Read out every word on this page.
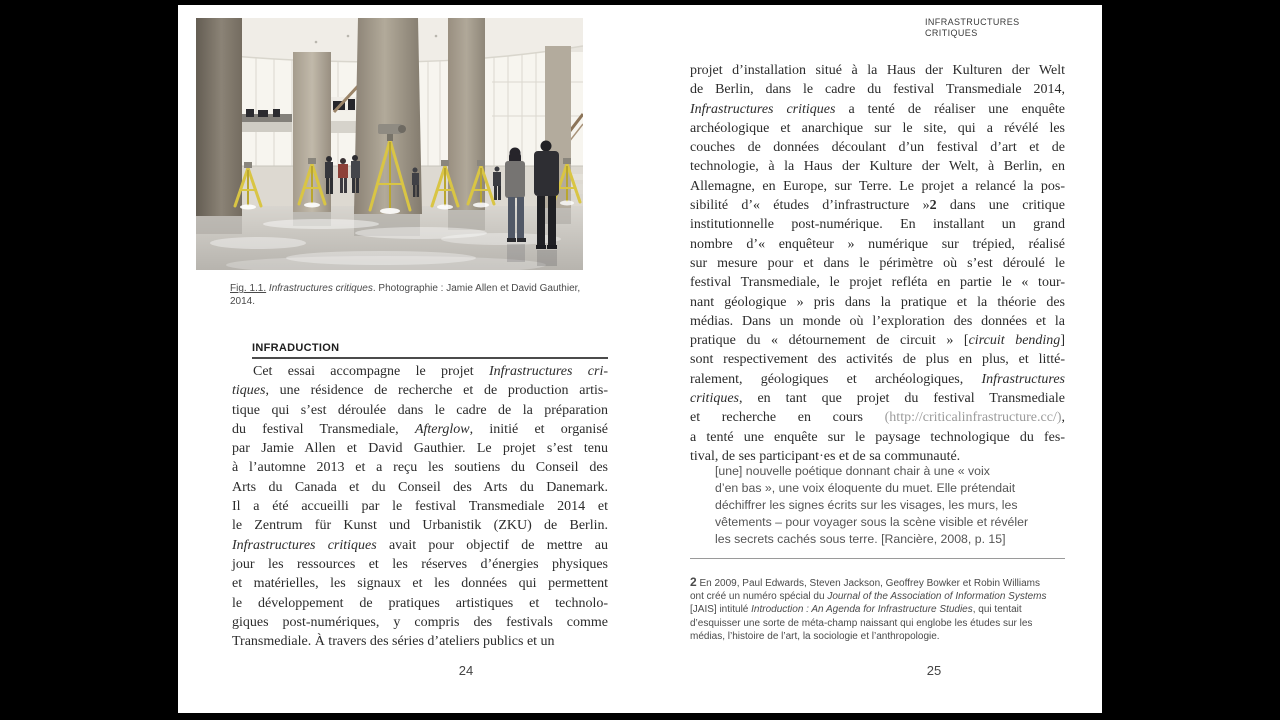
Fig. 1.1. Infrastructures critiques. Photographie : Jamie Allen et David Gauthier,
2014.
INFRADUCTION
Cet essai accompagne le projet Infrastructures cri-
tiques, une résidence de recherche et de production artis-
tique qui s’est déroulée dans le cadre de la préparation
du festival Transmediale, Afterglow, initié et organisé
par Jamie Allen et David Gauthier. Le projet s’est tenu
à l’automne 2013 et a reçu les soutiens du Conseil des
Arts du Canada et du Conseil des Arts du Danemark.
Il a été accueilli par le festival Transmediale 2014 et
le Zentrum für Kunst und Urbanistik (ZKU) de Berlin.
Infrastructures critiques avait pour objectif de mettre au
jour les ressources et les réserves d’énergies physiques
et matérielles, les signaux et les données qui permettent
le développement de pratiques artistiques et technolo-
giques post-numériques, y compris des festivals comme
Transmediale. À travers des séries d’ateliers publics et un
INFRASTRUCTURES
CRITIQUES
projet d’installation situé à la Haus der Kulturen der Welt
de Berlin, dans le cadre du festival Transmediale 2014,
Infrastructures critiques a tenté de réaliser une enquête
archéologique et anarchique sur le site, qui a révélé les
couches de données découlant d’un festival d’art et de
technologie, à la Haus der Kulture der Welt, à Berlin, en
Allemagne, en Europe, sur Terre. Le projet a relancé la pos-
sibilité d’« études d’infrastructure »2 dans une critique
institutionnelle post-numérique. En installant un grand
nombre d’« enquêteur » numérique sur trépied, réalisé
sur mesure pour et dans le périmètre où s’est déroulé le
festival Transmediale, le projet refléta en partie le « tour-
nant géologique » pris dans la pratique et la théorie des
médias. Dans un monde où l’exploration des données et la
pratique du « détournement de circuit » [circuit bending]
sont respectivement des activités de plus en plus, et litté-
ralement, géologiques et archéologiques, Infrastructures
critiques, en tant que projet du festival Transmediale
et recherche en cours (http://criticalinfrastructure.cc/),
a tenté une enquête sur le paysage technologique du fes-
tival, de ses participant·es et de sa communauté.
[une] nouvelle poétique donnant chair à une « voix
d’en bas », une voix éloquente du muet. Elle prétendait
déchiffrer les signes écrits sur les visages, les murs, les
vêtements – pour voyager sous la scène visible et révéler
les secrets cachés sous terre. [Rancière, 2008, p. 15]
2 En 2009, Paul Edwards, Steven Jackson, Geoffrey Bowker et Robin Williams
ont créé un numéro spécial du Journal of the Association of Information Systems
[JAIS] intitulé Introduction : An Agenda for Infrastructure Studies, qui tentait
d’esquisser une sorte de méta-champ naissant qui englobe les études sur les
médias, l’histoire de l’art, la sociologie et l’anthropologie.
24	25
